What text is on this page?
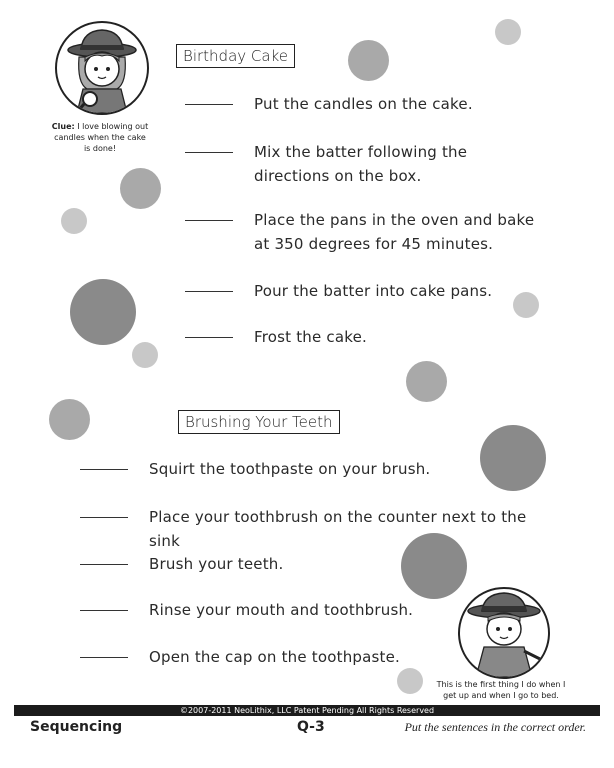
Clue: I love blowing out candles when the cake is done!
Birthday Cake
Put the candles on the cake.
Mix the batter following the directions on the box.
Place the pans in the oven and bake at 350 degrees for 45 minutes.
Pour the batter into cake pans.
Frost the cake.
Brushing Your Teeth
Squirt the toothpaste on your brush.
Place your toothbrush on the counter next to the sink
Brush your teeth.
Rinse your mouth and toothbrush.
Open the cap on the toothpaste.
This is the first thing I do when I get up and when I go to bed.
©2007-2011 NeoLithix, LLC Patent Pending All Rights Reserved
Sequencing	Q-3	Put the sentences in the correct order.
